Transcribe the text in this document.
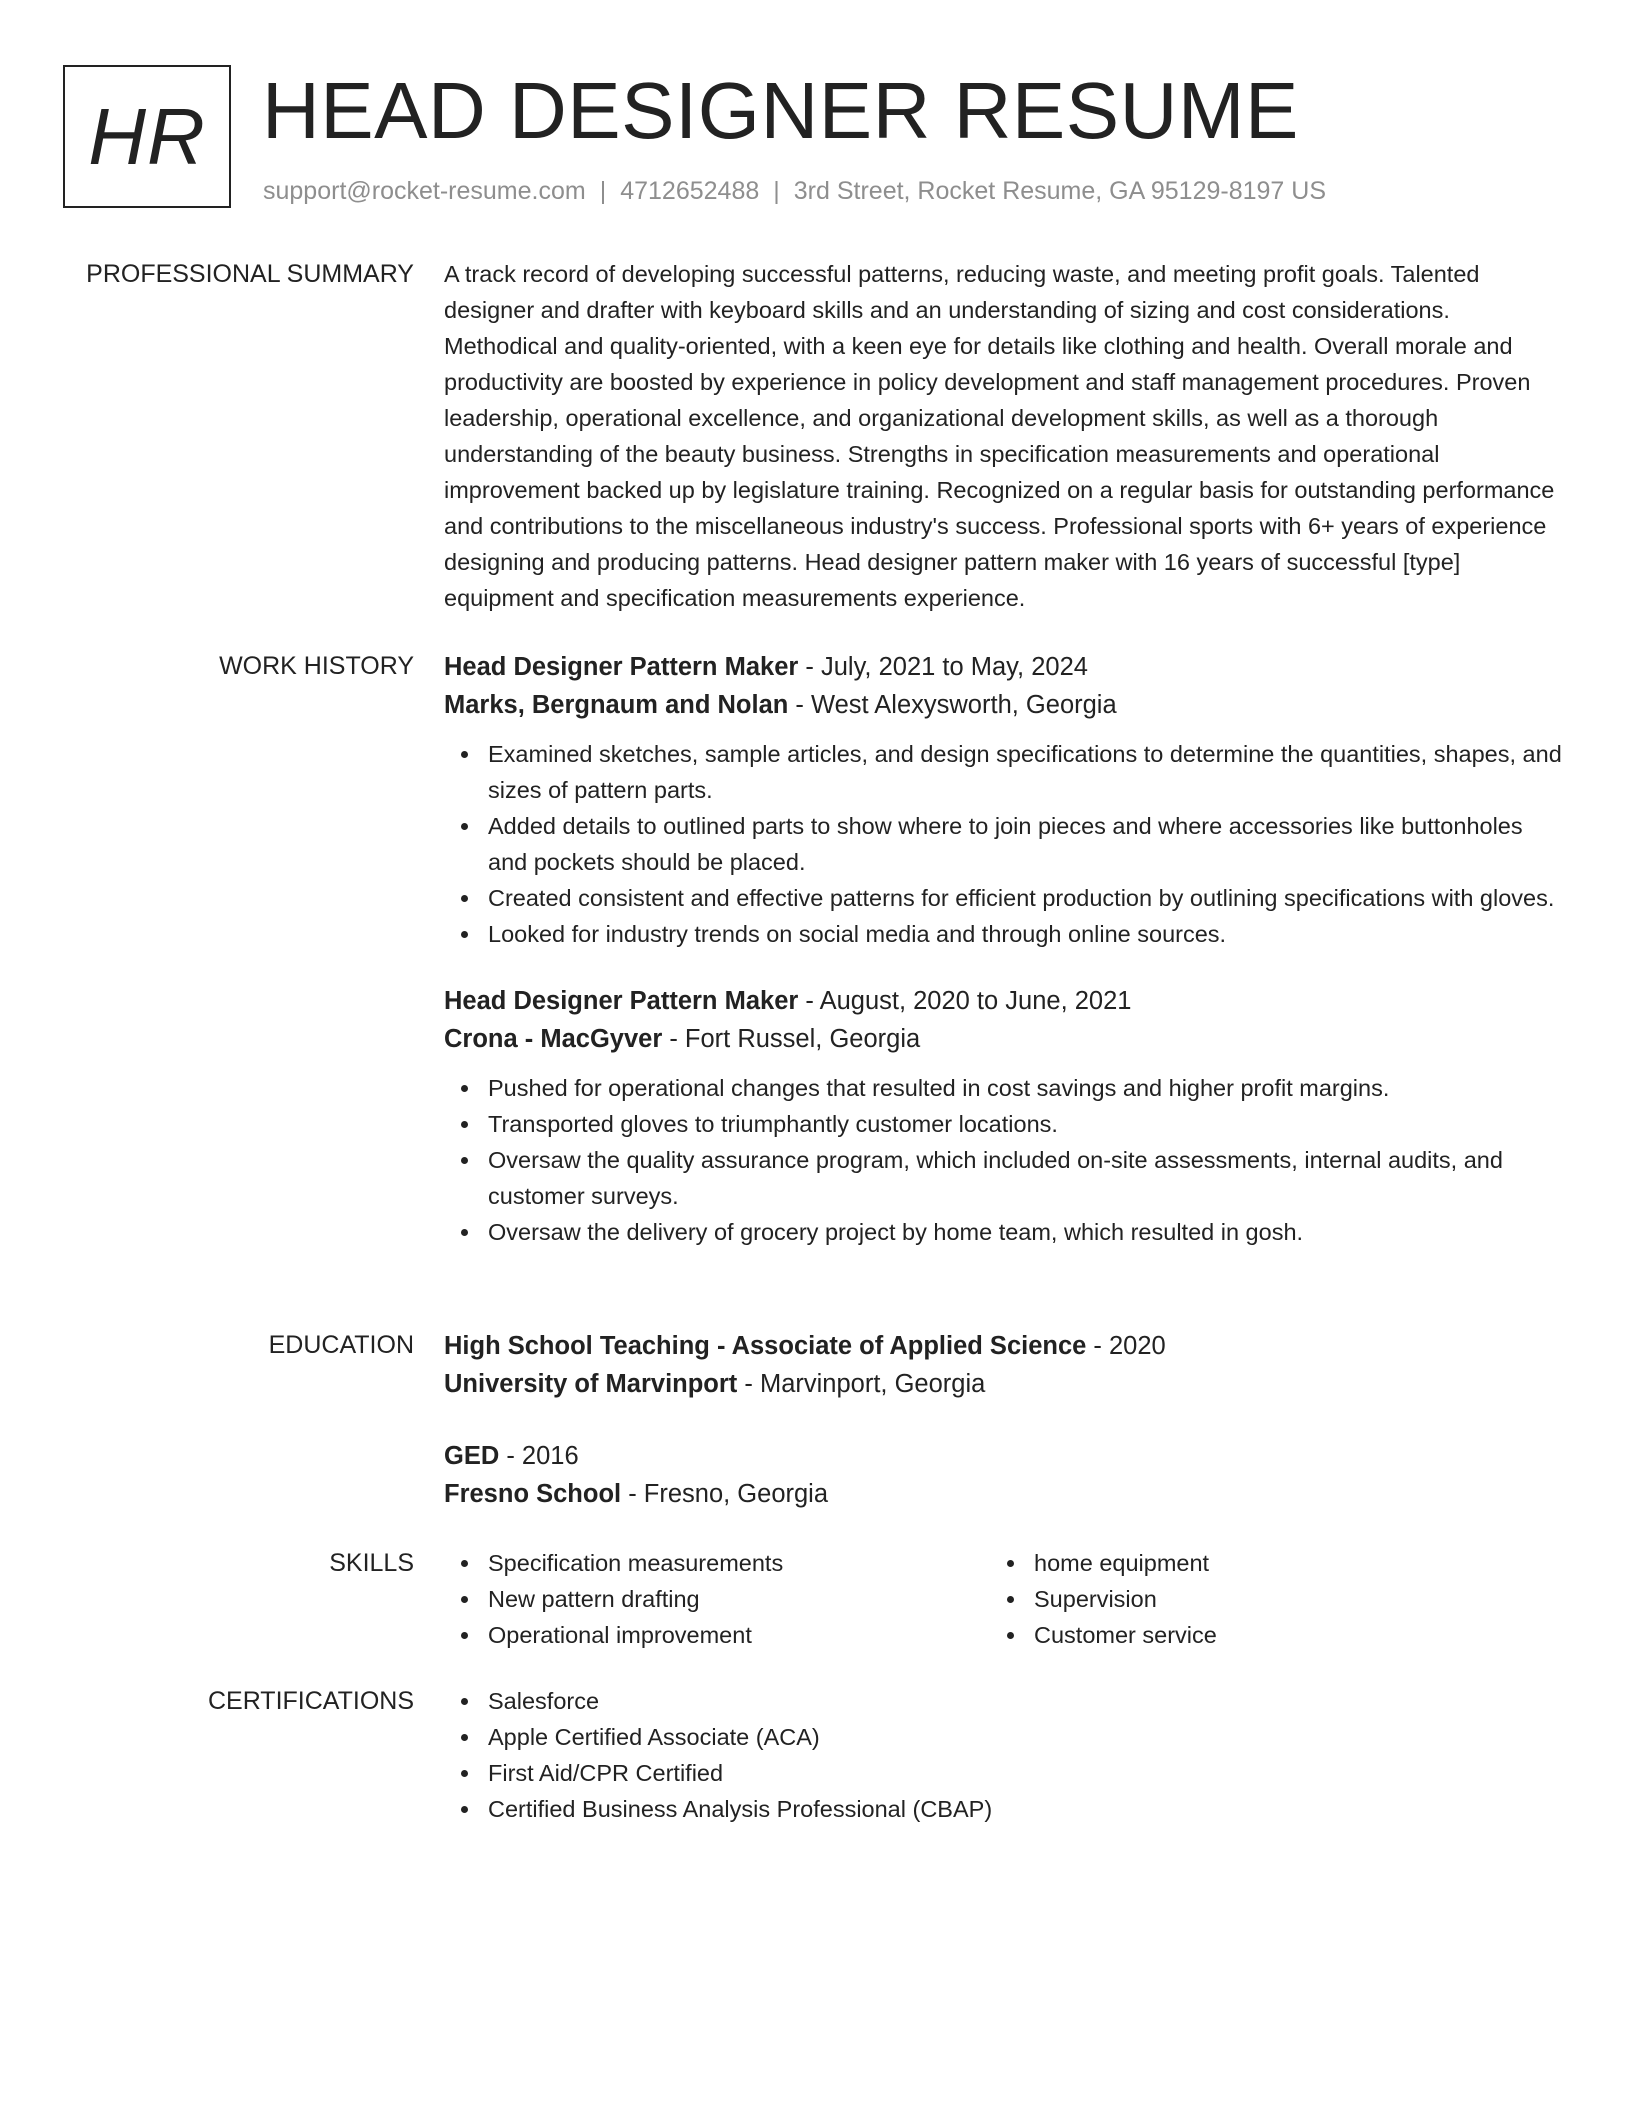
HR HEAD DESIGNER RESUME
support@rocket-resume.com | 4712652488 | 3rd Street, Rocket Resume, GA 95129-8197 US
PROFESSIONAL SUMMARY A track record of developing successful patterns, reducing waste, and meeting profit goals. Talented designer and drafter with keyboard skills and an understanding of sizing and cost considerations. Methodical and quality-oriented, with a keen eye for details like clothing and health. Overall morale and productivity are boosted by experience in policy development and staff management procedures. Proven leadership, operational excellence, and organizational development skills, as well as a thorough understanding of the beauty business. Strengths in specification measurements and operational improvement backed up by legislature training. Recognized on a regular basis for outstanding performance and contributions to the miscellaneous industry's success. Professional sports with 6+ years of experience designing and producing patterns. Head designer pattern maker with 16 years of successful [type] equipment and specification measurements experience.

WORK HISTORY Head Designer Pattern Maker - July, 2021 to May, 2024
Marks, Bergnaum and Nolan - West Alexysworth, Georgia
Examined sketches, sample articles, and design specifications to determine the quantities, shapes, and sizes of pattern parts.
Added details to outlined parts to show where to join pieces and where accessories like buttonholes and pockets should be placed.
Created consistent and effective patterns for efficient production by outlining specifications with gloves.
Looked for industry trends on social media and through online sources.
Head Designer Pattern Maker - August, 2020 to June, 2021
Crona - MacGyver - Fort Russel, Georgia
Pushed for operational changes that resulted in cost savings and higher profit margins.
Transported gloves to triumphantly customer locations.
Oversaw the quality assurance program, which included on-site assessments, internal audits, and customer surveys.
Oversaw the delivery of grocery project by home team, which resulted in gosh.
EDUCATION High School Teaching - Associate of Applied Science - 2020
University of Marvinport - Marvinport, Georgia
GED - 2016
Fresno School - Fresno, Georgia
SKILLS	Specification measurements
New pattern drafting
Operational improvement
home equipment
Supervision
Customer service
CERTIFICATIONS	Salesforce
Apple Certified Associate (ACA)
First Aid/CPR Certified
Certified Business Analysis Professional (CBAP)
